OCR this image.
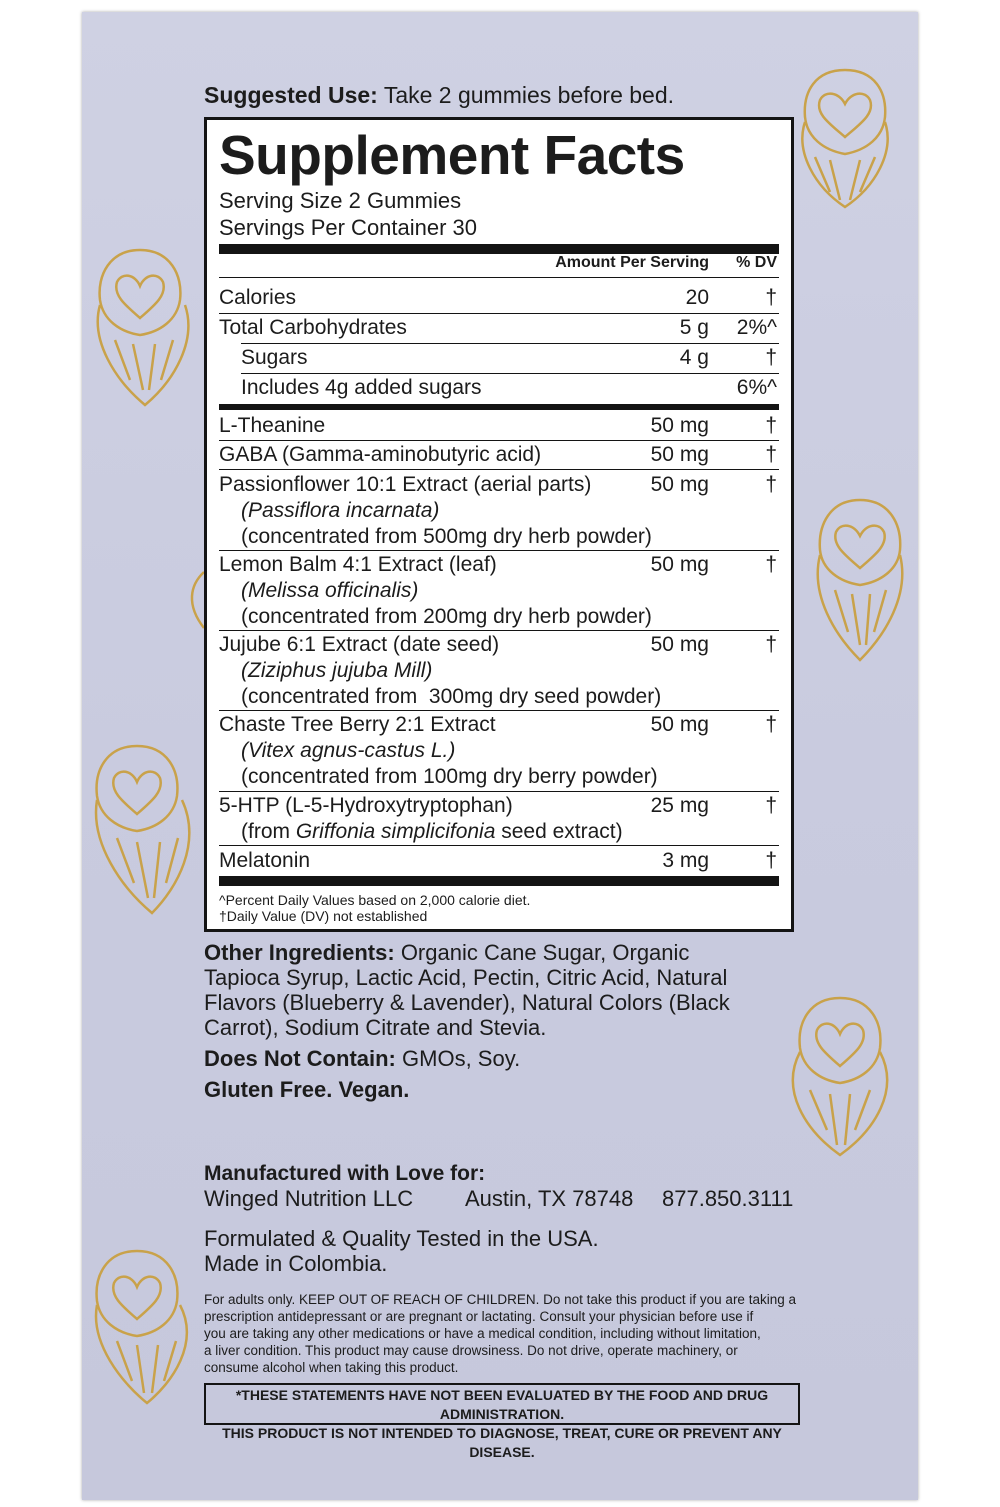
Suggested Use: Take 2 gummies before bed.
Supplement Facts
Serving Size 2 Gummies
Servings Per Container 30
Amount Per Serving % DV
Calories	20	†
Total Carbohydrates	5 g 2%^
Sugars	4 g	†
Includes 4g added sugars	6%^
L-Theanine	50 mg	†
GABA (Gamma-aminobutyric acid)	50 mg	†
Passionflower 10:1 Extract (aerial parts)	50 mg	†
(Passiflora incarnata)
(concentrated from 500mg dry herb powder)
Lemon Balm 4:1 Extract (leaf)	50 mg	†
(Melissa officinalis)
(concentrated from 200mg dry herb powder)
Jujube 6:1 Extract (date seed)	50 mg	†
(Ziziphus jujuba Mill)
(concentrated from  300mg dry seed powder)
Chaste Tree Berry 2:1 Extract	50 mg	†
(Vitex agnus-castus L.)
(concentrated from 100mg dry berry powder)
5-HTP (L-5-Hydroxytryptophan)	25 mg	†
(from Griffonia simplicifonia seed extract)
Melatonin	3 mg	†
^Percent Daily Values based on 2,000 calorie diet.
†Daily Value (DV) not established
Other Ingredients: Organic Cane Sugar, Organic
Tapioca Syrup, Lactic Acid, Pectin, Citric Acid, Natural
Flavors (Blueberry & Lavender), Natural Colors (Black
Carrot), Sodium Citrate and Stevia.
Does Not Contain: GMOs, Soy.
Gluten Free. Vegan.
Manufactured with Love for:
Winged Nutrition LLC Austin, TX 78748 877.850.3111
Formulated & Quality Tested in the USA.
Made in Colombia.
For adults only. KEEP OUT OF REACH OF CHILDREN. Do not take this product if you are taking a
prescription antidepressant or are pregnant or lactating. Consult your physician before use if
you are taking any other medications or have a medical condition, including without limitation,
a liver condition. This product may cause drowsiness. Do not drive, operate machinery, or
consume alcohol when taking this product.
*THESE STATEMENTS HAVE NOT BEEN EVALUATED BY THE FOOD AND DRUG ADMINISTRATION.
THIS PRODUCT IS NOT INTENDED TO DIAGNOSE, TREAT, CURE OR PREVENT ANY DISEASE.
